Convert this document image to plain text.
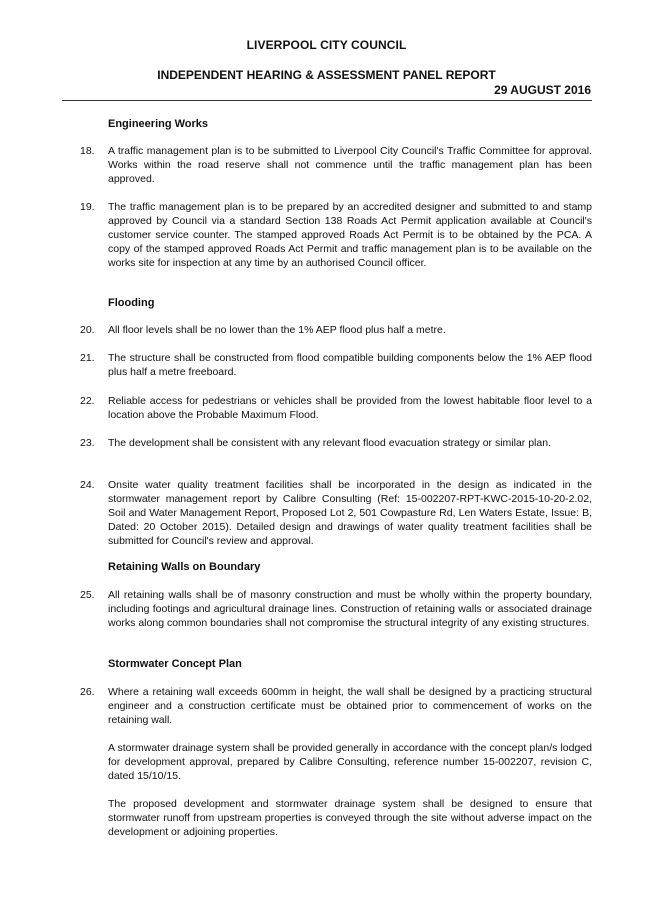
LIVERPOOL CITY COUNCIL
INDEPENDENT HEARING & ASSESSMENT PANEL REPORT
29 AUGUST 2016
Engineering Works
18. A traffic management plan is to be submitted to Liverpool City Council's Traffic Committee for approval. Works within the road reserve shall not commence until the traffic management plan has been approved.
19. The traffic management plan is to be prepared by an accredited designer and submitted to and stamp approved by Council via a standard Section 138 Roads Act Permit application available at Council's customer service counter. The stamped approved Roads Act Permit is to be obtained by the PCA. A copy of the stamped approved Roads Act Permit and traffic management plan is to be available on the works site for inspection at any time by an authorised Council officer.
Flooding
20. All floor levels shall be no lower than the 1% AEP flood plus half a metre.
21. The structure shall be constructed from flood compatible building components below the 1% AEP flood plus half a metre freeboard.
22. Reliable access for pedestrians or vehicles shall be provided from the lowest habitable floor level to a location above the Probable Maximum Flood.
23. The development shall be consistent with any relevant flood evacuation strategy or similar plan.
24. Onsite water quality treatment facilities shall be incorporated in the design as indicated in the stormwater management report by Calibre Consulting (Ref: 15-002207-RPT-KWC-2015-10-20-2.02, Soil and Water Management Report, Proposed Lot 2, 501 Cowpasture Rd, Len Waters Estate, Issue: B, Dated: 20 October 2015). Detailed design and drawings of water quality treatment facilities shall be submitted for Council's review and approval.
Retaining Walls on Boundary
25. All retaining walls shall be of masonry construction and must be wholly within the property boundary, including footings and agricultural drainage lines. Construction of retaining walls or associated drainage works along common boundaries shall not compromise the structural integrity of any existing structures.
Stormwater Concept Plan
26. Where a retaining wall exceeds 600mm in height, the wall shall be designed by a practicing structural engineer and a construction certificate must be obtained prior to commencement of works on the retaining wall.
A stormwater drainage system shall be provided generally in accordance with the concept plan/s lodged for development approval, prepared by Calibre Consulting, reference number 15-002207, revision C, dated 15/10/15.
The proposed development and stormwater drainage system shall be designed to ensure that stormwater runoff from upstream properties is conveyed through the site without adverse impact on the development or adjoining properties.
